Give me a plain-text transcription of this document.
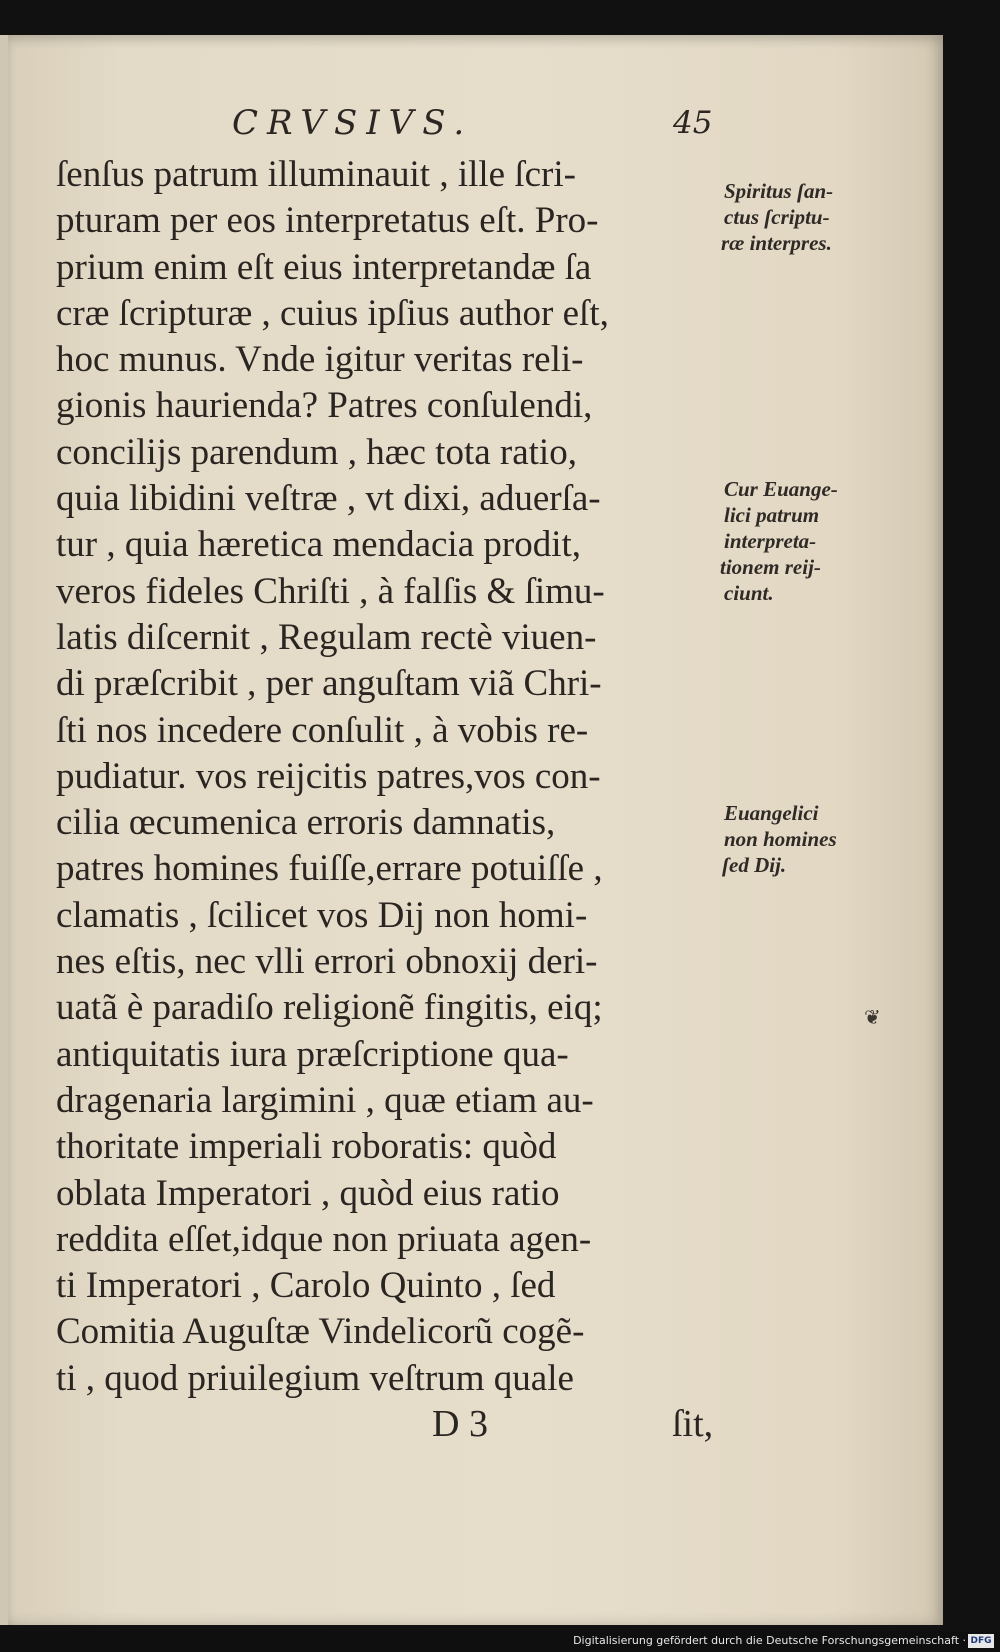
CRVSIVS.	45
ſenſus patrum illuminauit , ille ſcri-
pturam per eos interpretatus eſt. Pro-
prium enim eſt eius interpretandæ ſa
cræ ſcripturæ , cuius ipſius author eſt,
hoc munus. Vnde igitur veritas reli-
gionis haurienda? Patres conſulendi,
concilijs parendum , hæc tota ratio,
quia libidini veſtræ , vt dixi, aduerſa-
tur , quia hæretica mendacia prodit,
veros fideles Chriſti , à falſis & ſimu-
latis diſcernit , Regulam rectè viuen-
di præſcribit , per anguſtam viã Chri-
ſti nos incedere conſulit , à vobis re-
pudiatur. vos reijcitis patres,vos con-
cilia œcumenica erroris damnatis,
patres homines fuiſſe,errare potuiſſe ,
clamatis , ſcilicet vos Dij non homi-
nes eſtis, nec vlli errori obnoxij deri-
uatã è paradiſo religionẽ fingitis, eiq;
antiquitatis iura præſcriptione qua-
dragenaria largimini , quæ etiam au-
thoritate imperiali roboratis: quòd
oblata Imperatori , quòd eius ratio
reddita eſſet,idque non priuata agen-
ti Imperatori , Carolo Quinto , ſed
Comitia Auguſtæ Vindelicorũ cogẽ-
ti , quod priuilegium veſtrum quale
Spiritus ſan-
ctus ſcriptu-
ræ interpres.
Cur Euange-
lici patrum
interpreta-
tionem reij-
ciunt.
Euangelici
non homines
ſed Dij.
❦
D 3	ſit,
Digitalisierung gefördert durch die Deutsche Forschungsgemeinschaft · DFG
